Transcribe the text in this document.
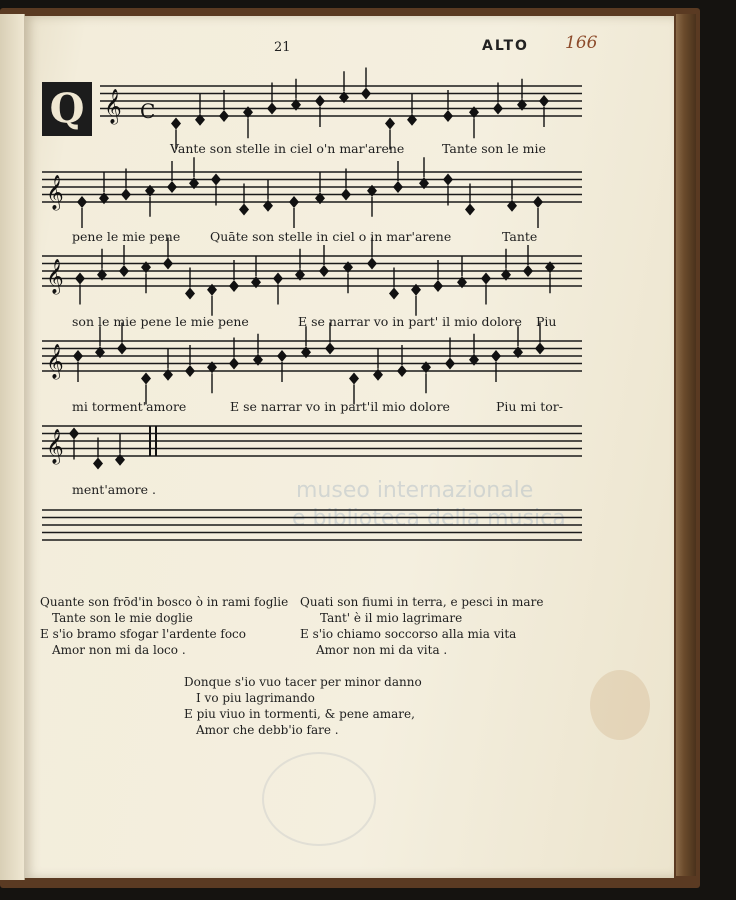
21	ALTO 166
Q
museo internazionale
e biblioteca della musica
𝄞
𝄞
𝄞
𝄞
𝄞
C
Vante son stelle in ciel o'n mar'arene	Tante son le mie
pene le mie pene Quāte son stelle in ciel o in mar'arene	Tante
son le mie pene le mie pene	E se narrar vo in part' il mio dolore Piu
mi torment'amore	E se narrar vo in part'il mio dolore	Piu mi tor-
ment'amore .
Quante son frōd'in bosco ò in rami foglie
Tante son le mie doglie
E s'io bramo sfogar l'ardente foco
Amor non mi da loco .
Quati son fiumi in terra, e pesci in mare
Tant' è il mio lagrimare
E s'io chiamo soccorso alla mia vita
Amor non mi da vita .
Donque s'io vuo tacer per minor danno
I vo piu lagrimando
E piu viuo in tormenti, & pene amare,
Amor che debb'io fare .
